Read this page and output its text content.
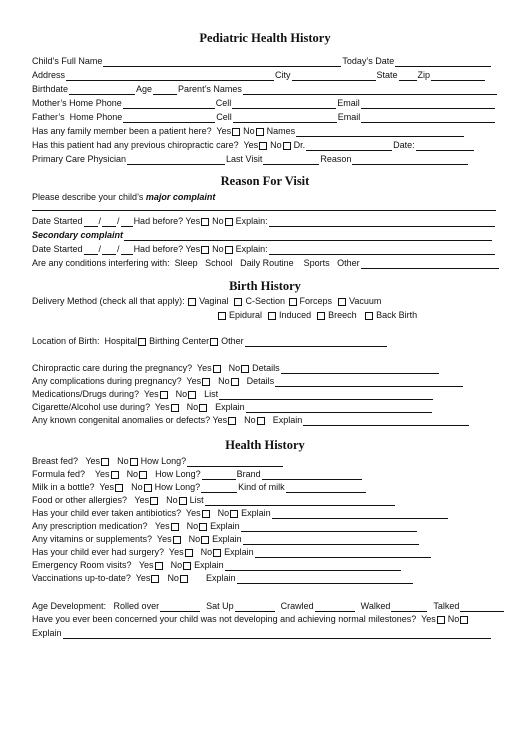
Pediatric Health History
Child’s Full Name	Today’s Date
Address	City	State Zip
Birthdate	Age	Parent’s Names
Mother’s Home Phone	Cell	Email
Father’s  Home Phone	Cell	Email
Has any family member been a patient here?  Yes No Names
Has this patient had any previous chiropractic care?  Yes No Dr.	Date:
Primary Care Physician	Last Visit	Reason
Reason For Visit
Please describe your child’s major complaint
Date Started / / Had before? Yes No Explain:
Secondary complaint
Date Started / / Had before? Yes No Explain:
Are any conditions interfering with:  Sleep   School   Daily Routine    Sports   Other
Birth History
Delivery Method (check all that apply): Vaginal C-Section Forceps Vacuum
Epidural Induced Breech Back Birth
Location of Birth:  Hospital Birthing Center Other
Chiropractic care during the pregnancy?  Yes No Details
Any complications during pregnancy?  Yes No Details
Medications/Drugs during?  Yes No List
Cigarette/Alcohol use during?  Yes No Explain
Any known congenital anomalies or defects? Yes No Explain
Health History
Breast fed?   Yes No How Long?
Formula fed?    Yes No How Long?	Brand
Milk in a bottle?  Yes No How Long?	Kind of milk
Food or other allergies?   Yes No List
Has your child ever taken antibiotics?  Yes No Explain
Any prescription medication?   Yes No Explain
Any vitamins or supplements?  Yes No Explain
Has your child ever had surgery?  Yes No Explain
Emergency Room visits?   Yes No Explain
Vaccinations up-to-date?  Yes No	Explain
Age Development:   Rolled over	Sat Up	Crawled	Walked	Talked
Have you ever been concerned your child was not developing and achieving normal milestones?  Yes No
Explain
